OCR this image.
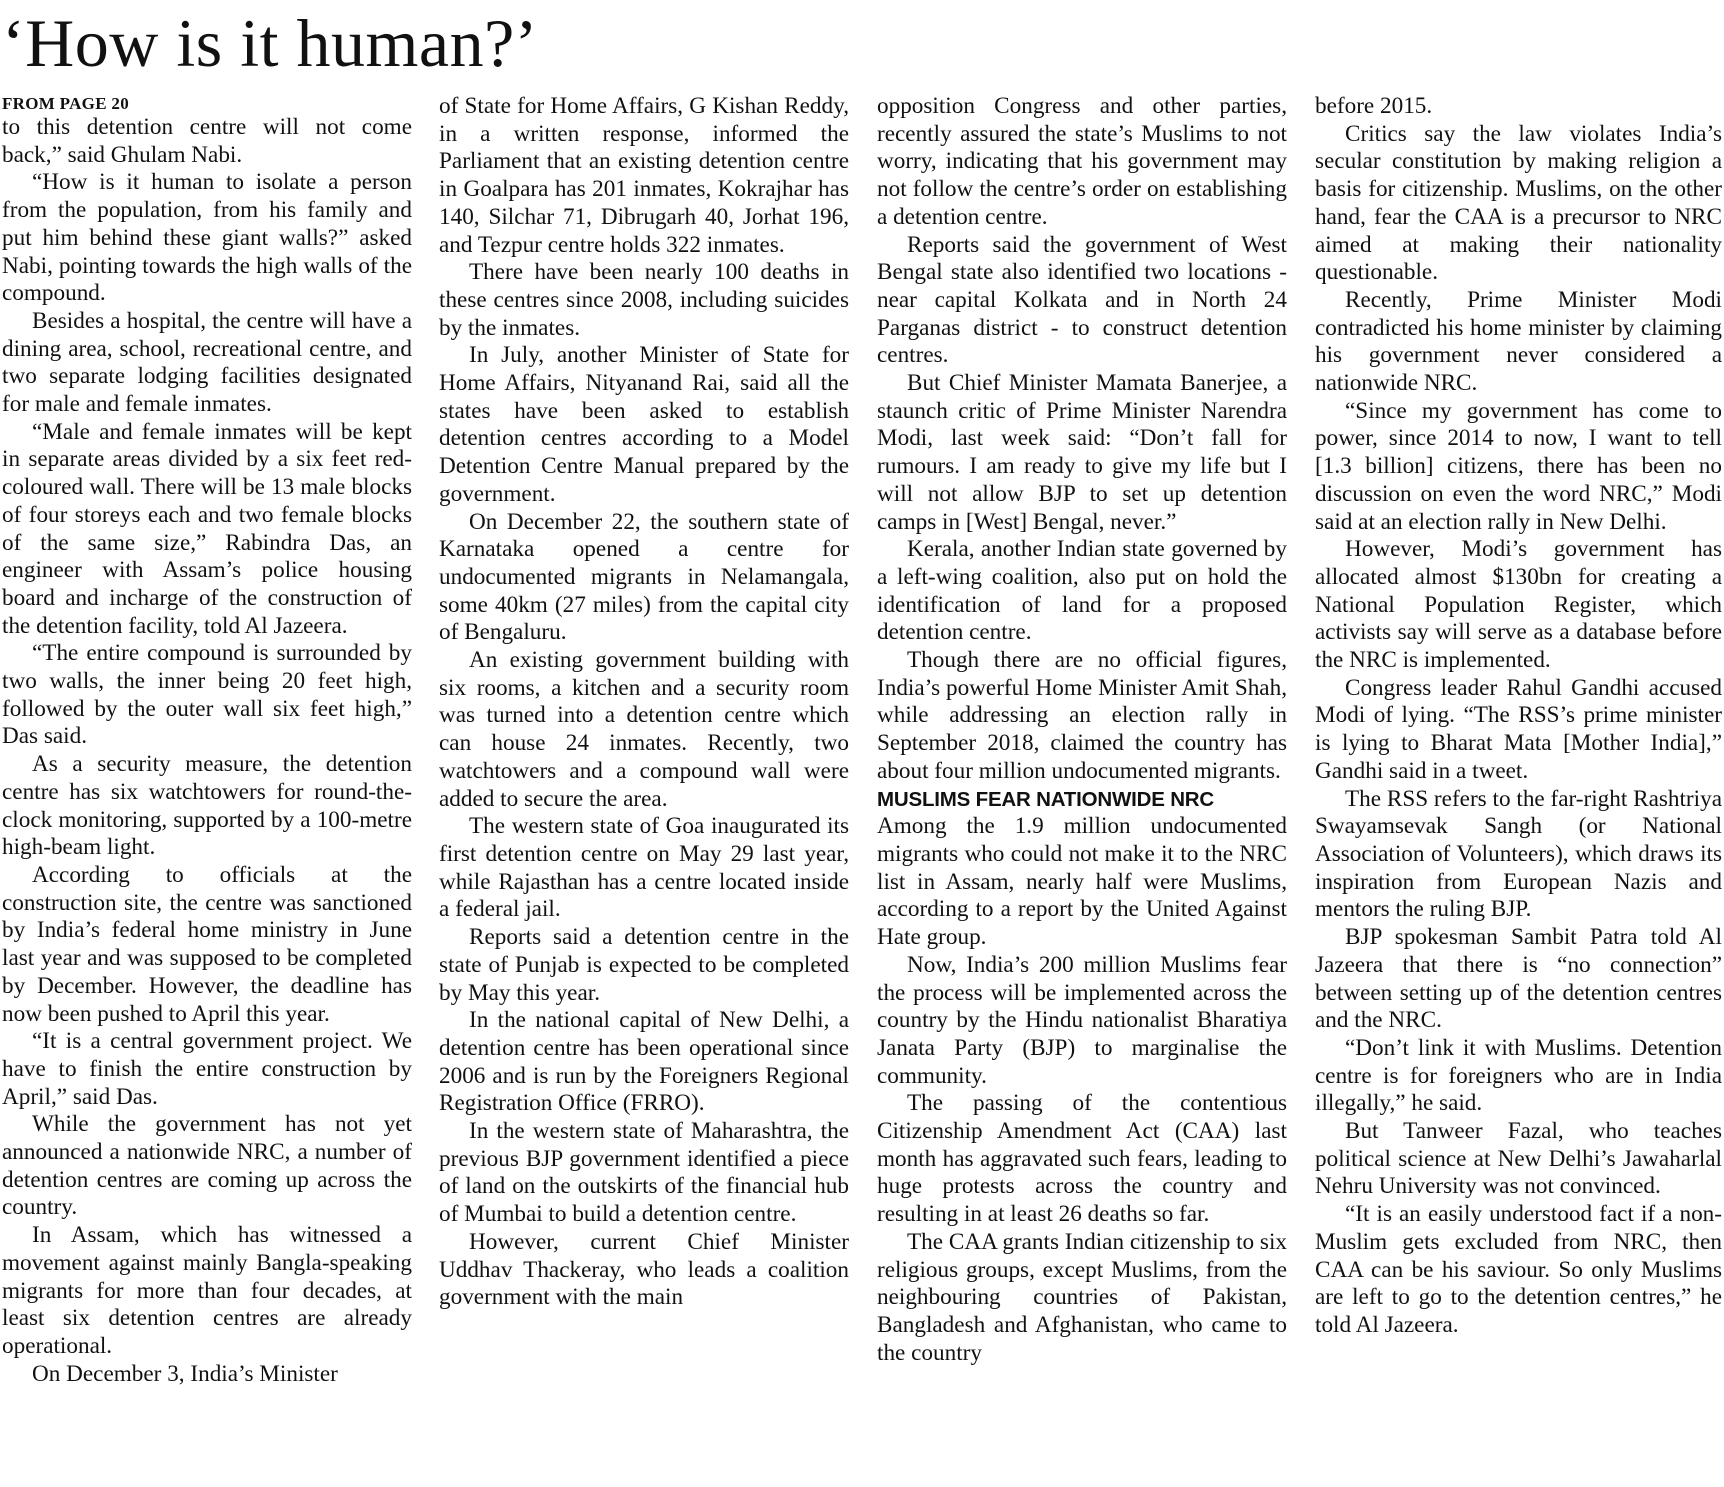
‘How is it human?’
FROM PAGE 20

to this detention centre will not come back,” said Ghulam Nabi.

“How is it human to isolate a person from the population, from his family and put him behind these giant walls?” asked Nabi, pointing towards the high walls of the compound.

Besides a hospital, the centre will have a dining area, school, recreational centre, and two separate lodging facilities designated for male and female inmates.

“Male and female inmates will be kept in separate areas divided by a six feet red-coloured wall. There will be 13 male blocks of four storeys each and two female blocks of the same size,” Rabindra Das, an engineer with Assam’s police housing board and incharge of the construction of the detention facility, told Al Jazeera.

“The entire compound is surrounded by two walls, the inner being 20 feet high, followed by the outer wall six feet high,” Das said.

As a security measure, the detention centre has six watchtowers for round-the-clock monitoring, supported by a 100-metre high-beam light.

According to officials at the construction site, the centre was sanctioned by India’s federal home ministry in June last year and was supposed to be completed by December. However, the deadline has now been pushed to April this year.

“It is a central government project. We have to finish the entire construction by April,” said Das.

While the government has not yet announced a nationwide NRC, a number of detention centres are coming up across the country.

In Assam, which has witnessed a movement against mainly Bangla-speaking migrants for more than four decades, at least six detention centres are already operational.

On December 3, India’s Minister

of State for Home Affairs, G Kishan Reddy, in a written response, informed the Parliament that an existing detention centre in Goalpara has 201 inmates, Kokrajhar has 140, Silchar 71, Dibrugarh 40, Jorhat 196, and Tezpur centre holds 322 inmates.

There have been nearly 100 deaths in these centres since 2008, including suicides by the inmates.

In July, another Minister of State for Home Affairs, Nityanand Rai, said all the states have been asked to establish detention centres according to a Model Detention Centre Manual prepared by the government.

On December 22, the southern state of Karnataka opened a centre for undocumented migrants in Nelamangala, some 40km (27 miles) from the capital city of Bengaluru.

An existing government building with six rooms, a kitchen and a security room was turned into a detention centre which can house 24 inmates. Recently, two watchtowers and a compound wall were added to secure the area.

The western state of Goa inaugurated its first detention centre on May 29 last year, while Rajasthan has a centre located inside a federal jail.

Reports said a detention centre in the state of Punjab is expected to be completed by May this year.

In the national capital of New Delhi, a detention centre has been operational since 2006 and is run by the Foreigners Regional Registration Office (FRRO).

In the western state of Maharashtra, the previous BJP government identified a piece of land on the outskirts of the financial hub of Mumbai to build a detention centre.

However, current Chief Minister Uddhav Thackeray, who leads a coalition government with the main

opposition Congress and other parties, recently assured the state’s Muslims to not worry, indicating that his government may not follow the centre’s order on establishing a detention centre.

Reports said the government of West Bengal state also identified two locations - near capital Kolkata and in North 24 Parganas district - to construct detention centres.

But Chief Minister Mamata Banerjee, a staunch critic of Prime Minister Narendra Modi, last week said: “Don’t fall for rumours. I am ready to give my life but I will not allow BJP to set up detention camps in [West] Bengal, never.”

Kerala, another Indian state governed by a left-wing coalition, also put on hold the identification of land for a proposed detention centre.

Though there are no official figures, India’s powerful Home Minister Amit Shah, while addressing an election rally in September 2018, claimed the country has about four million undocumented migrants.

MUSLIMS FEAR NATIONWIDE NRC

Among the 1.9 million undocumented migrants who could not make it to the NRC list in Assam, nearly half were Muslims, according to a report by the United Against Hate group.

Now, India’s 200 million Muslims fear the process will be implemented across the country by the Hindu nationalist Bharatiya Janata Party (BJP) to marginalise the community.

The passing of the contentious Citizenship Amendment Act (CAA) last month has aggravated such fears, leading to huge protests across the country and resulting in at least 26 deaths so far.

The CAA grants Indian citizenship to six religious groups, except Muslims, from the neighbouring countries of Pakistan, Bangladesh and Afghanistan, who came to the country

before 2015.

Critics say the law violates India’s secular constitution by making religion a basis for citizenship. Muslims, on the other hand, fear the CAA is a precursor to NRC aimed at making their nationality questionable.

Recently, Prime Minister Modi contradicted his home minister by claiming his government never considered a nationwide NRC.

“Since my government has come to power, since 2014 to now, I want to tell [1.3 billion] citizens, there has been no discussion on even the word NRC,” Modi said at an election rally in New Delhi.

However, Modi’s government has allocated almost $130bn for creating a National Population Register, which activists say will serve as a database before the NRC is implemented.

Congress leader Rahul Gandhi accused Modi of lying. “The RSS’s prime minister is lying to Bharat Mata [Mother India],” Gandhi said in a tweet.

The RSS refers to the far-right Rashtriya Swayamsevak Sangh (or National Association of Volunteers), which draws its inspiration from European Nazis and mentors the ruling BJP.

BJP spokesman Sambit Patra told Al Jazeera that there is “no connection” between setting up of the detention centres and the NRC.

“Don’t link it with Muslims. Detention centre is for foreigners who are in India illegally,” he said.

But Tanweer Fazal, who teaches political science at New Delhi’s Jawaharlal Nehru University was not convinced.

“It is an easily understood fact if a non-Muslim gets excluded from NRC, then CAA can be his saviour. So only Muslims are left to go to the detention centres,” he told Al Jazeera.
